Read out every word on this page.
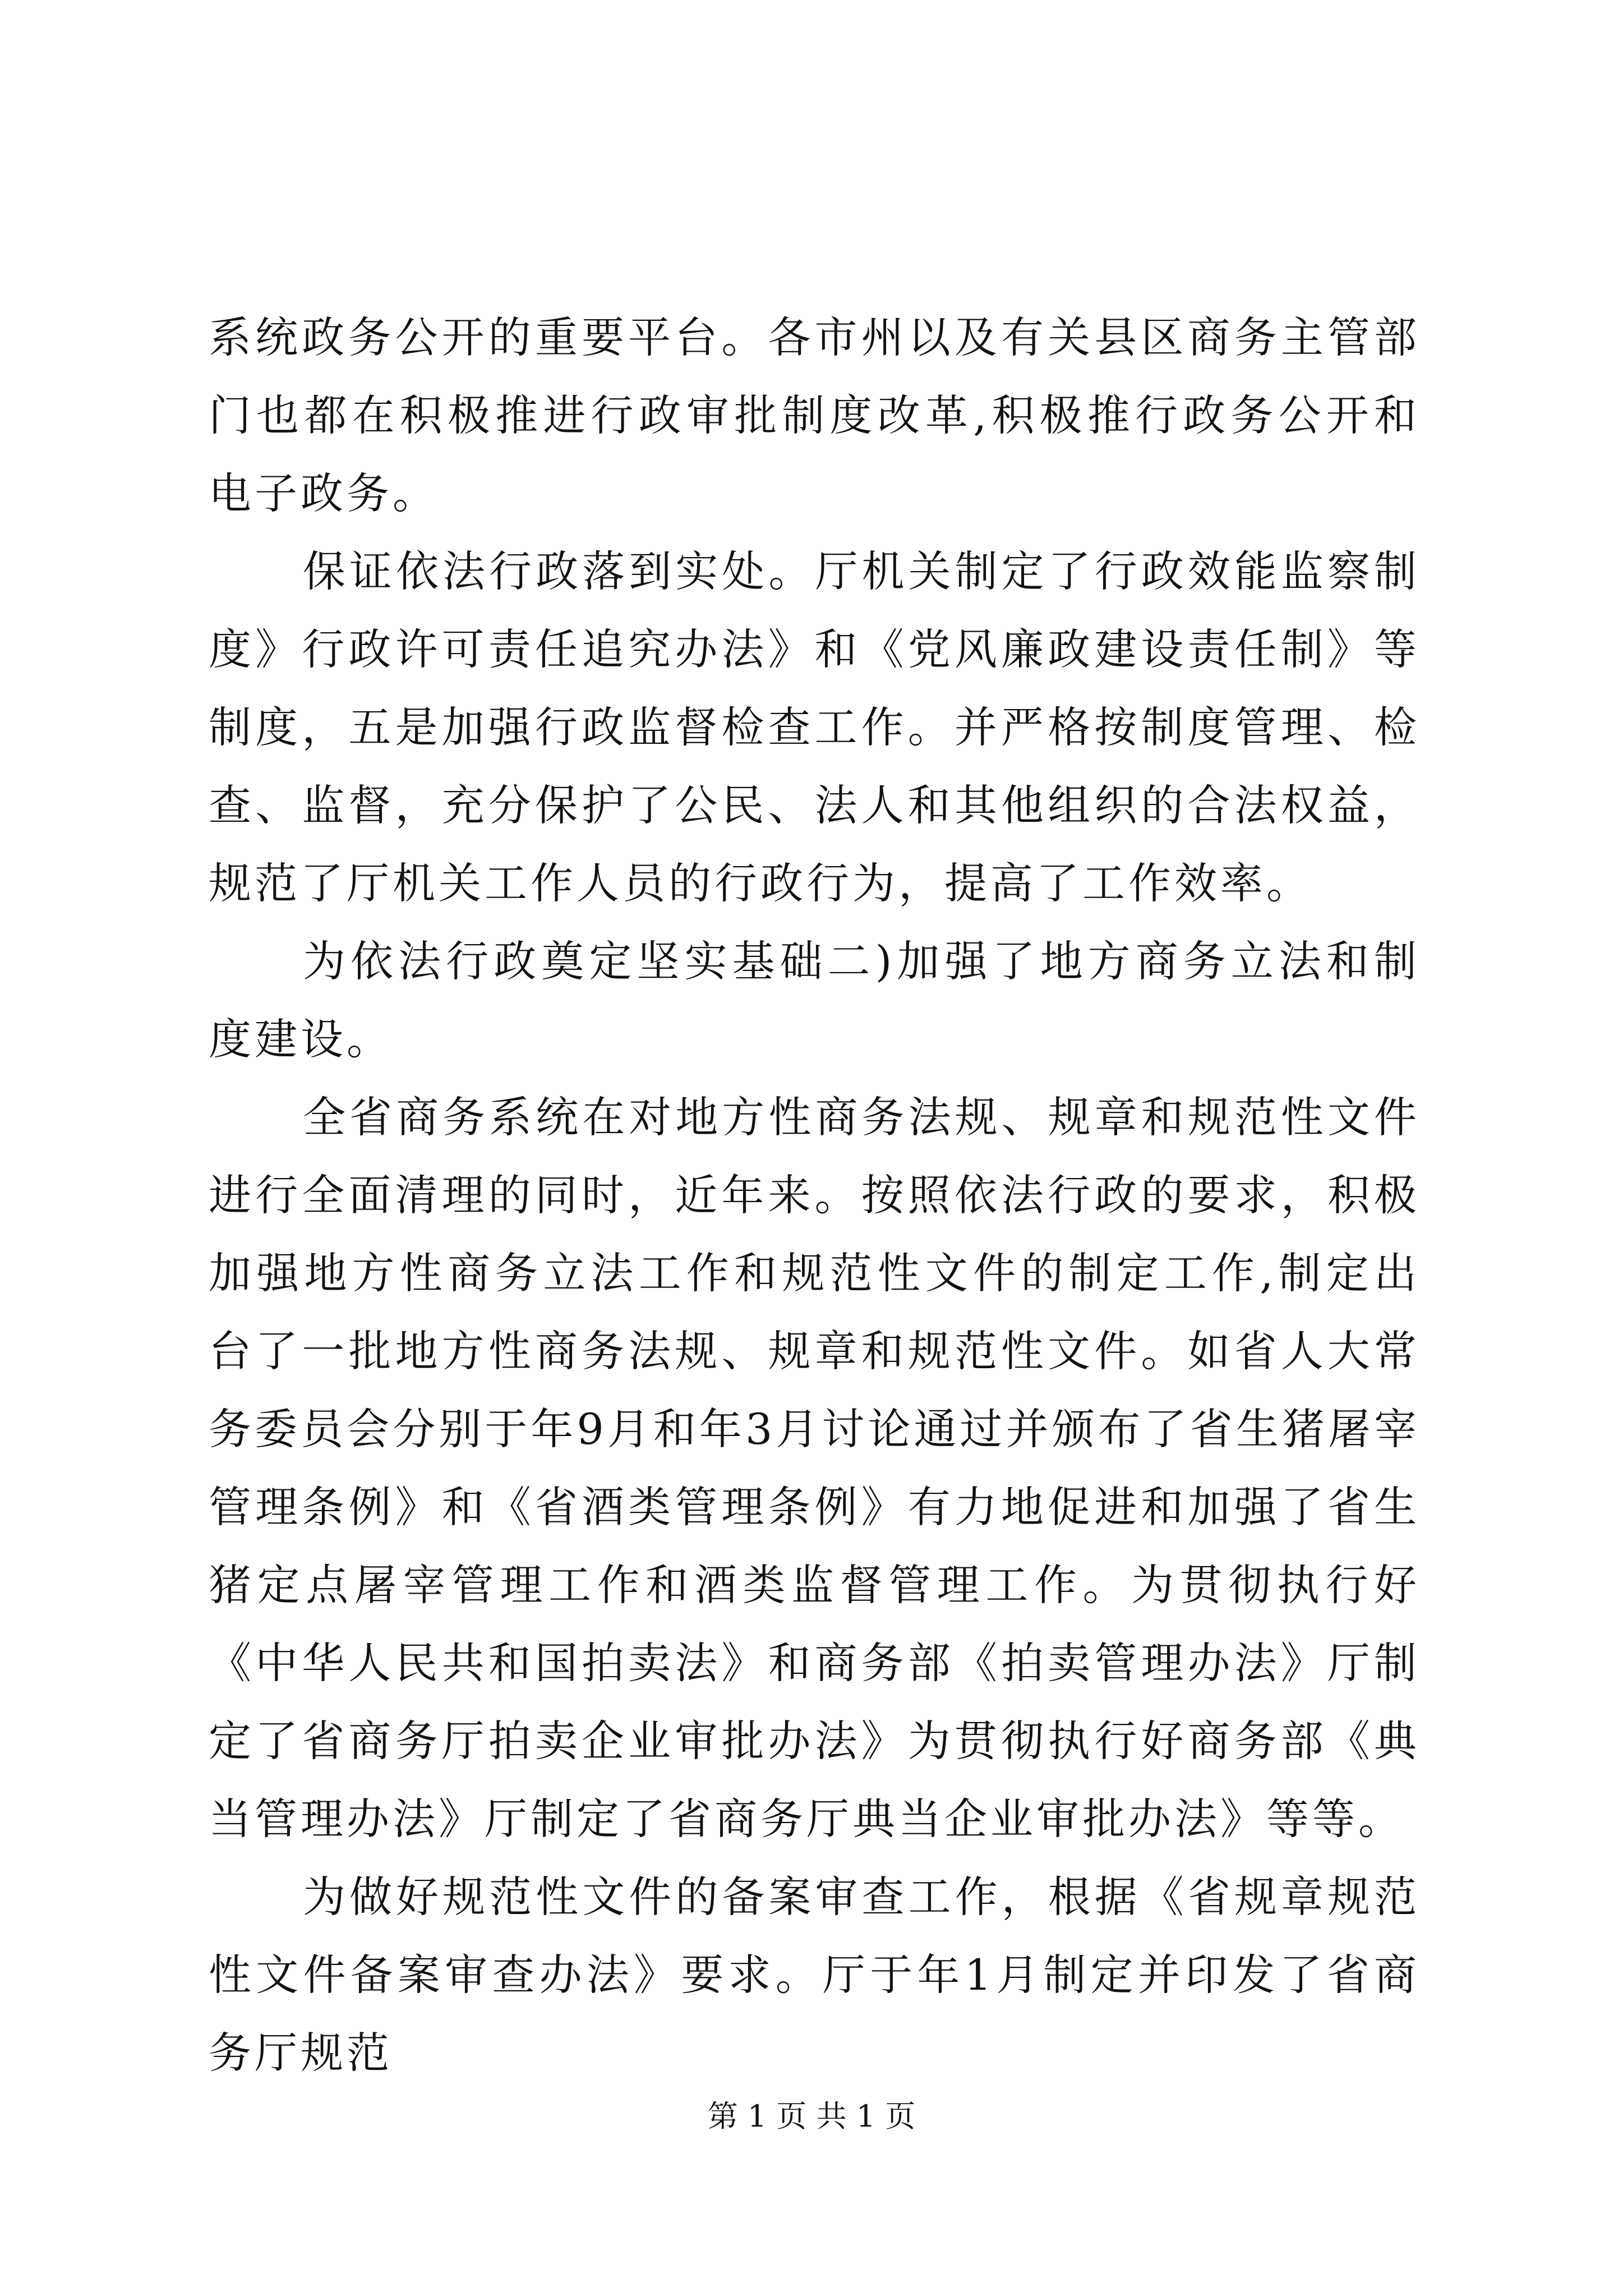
系统政务公开的重要平台。各市州以及有关县区商务主管部门也都在积极推进行政审批制度改革,积极推行政务公开和电子政务。

保证依法行政落到实处。厅机关制定了行政效能监察制度》行政许可责任追究办法》和《党风廉政建设责任制》等制度，五是加强行政监督检查工作。并严格按制度管理、检查、监督，充分保护了公民、法人和其他组织的合法权益，规范了厅机关工作人员的行政行为，提高了工作效率。

为依法行政奠定坚实基础二)加强了地方商务立法和制度建设。

全省商务系统在对地方性商务法规、规章和规范性文件进行全面清理的同时，近年来。按照依法行政的要求，积极加强地方性商务立法工作和规范性文件的制定工作,制定出台了一批地方性商务法规、规章和规范性文件。如省人大常务委员会分别于年9月和年3月讨论通过并颁布了省生猪屠宰管理条例》和《省酒类管理条例》有力地促进和加强了省生猪定点屠宰管理工作和酒类监督管理工作。为贯彻执行好《中华人民共和国拍卖法》和商务部《拍卖管理办法》厅制定了省商务厅拍卖企业审批办法》为贯彻执行好商务部《典当管理办法》厅制定了省商务厅典当企业审批办法》等等。

为做好规范性文件的备案审查工作，根据《省规章规范性文件备案审查办法》要求。厅于年1月制定并印发了省商务厅规范

第 1 页 共 1 页
